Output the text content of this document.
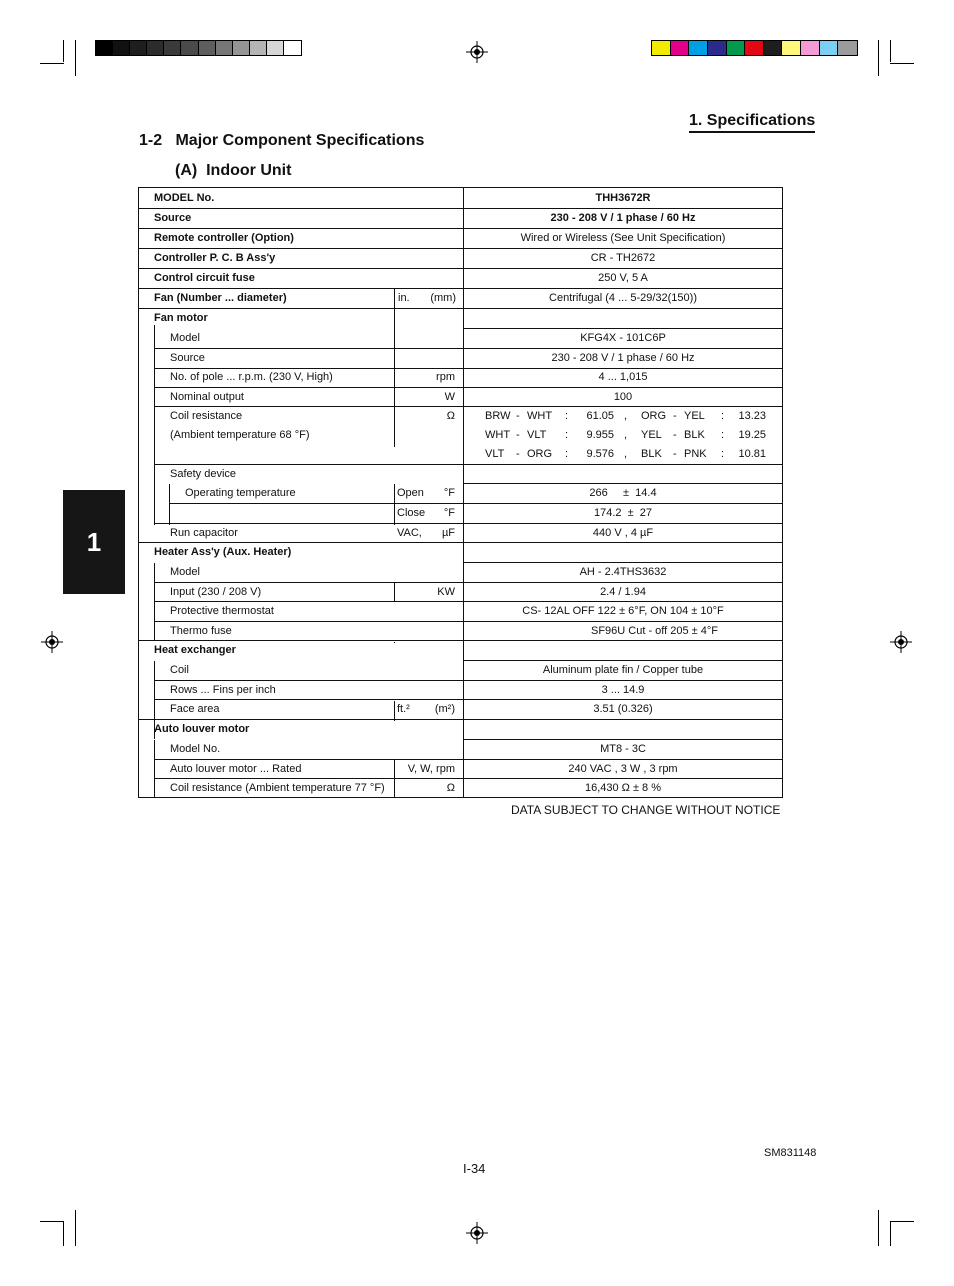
1. Specifications
1-2   Major Component Specifications
(A)  Indoor Unit
1
MODEL No.	THH3672R
Source	230 - 208 V / 1 phase / 60 Hz
Remote controller (Option)	Wired or Wireless (See Unit Specification)
Controller P. C. B Ass'y	CR - TH2672
Control circuit fuse	250 V, 5 A
Fan (Number ... diameter)	in.	(mm)	Centrifugal (4 ... 5-29/32(150))
Fan motor
Model	KFG4X - 101C6P
Source	230 - 208 V / 1 phase / 60 Hz
No. of pole ... r.p.m. (230 V, High)	rpm	4 ... 1,015
Nominal output	W	100
Coil resistance
(Ambient temperature 68 °F)
Ω	BRW - WHT : 61.05 , ORG - YEL : 13.23
WHT - VLT : 9.955 , YEL - BLK : 19.25
VLT - ORG : 9.576 , BLK - PNK : 10.81
Safety device
Operating temperature	Open	°F	266     ±  14.4
Close	°F	174.2  ±  27
Run capacitor	VAC,	µF	440 V , 4 µF
Heater Ass'y (Aux. Heater)
Model	AH - 2.4THS3632
Input (230 / 208 V)	KW	2.4 / 1.94
Protective thermostat	CS- 12AL OFF 122 ± 6°F, ON 104 ± 10°F
Thermo fuse	SF96U Cut - off 205 ± 4°F
Heat exchanger
Coil	Aluminum plate fin / Copper tube
Rows ... Fins per inch	3 ... 14.9
Face area	ft.²	(m²)	3.51 (0.326)
Auto louver motor
Model No.	MT8 - 3C
Auto louver motor ... Rated	V, W, rpm	240 VAC , 3 W , 3 rpm
Coil resistance (Ambient temperature 77 °F)	Ω	16,430 Ω ± 8 %
DATA SUBJECT TO CHANGE WITHOUT NOTICE
SM831148
I-34
